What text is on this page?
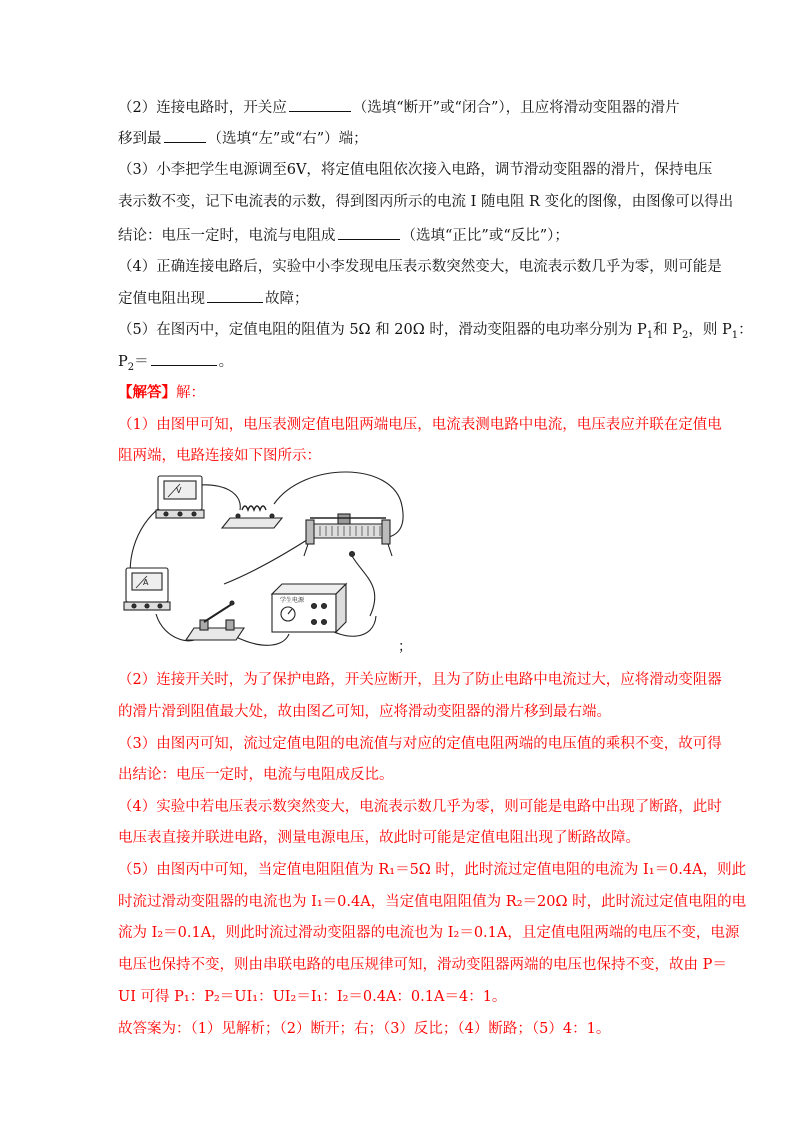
（2）连接电路时，开关应	（选填“断开”或“闭合”），且应将滑动变阻器的滑片
移到最	（选填“左”或“右”）端；
（3）小李把学生电源调至6V，将定值电阻依次接入电路，调节滑动变阻器的滑片，保持电压
表示数不变，记下电流表的示数，得到图丙所示的电流 I 随电阻 R 变化的图像，由图像可以得出
结论：电压一定时，电流与电阻成	（选填“正比”或“反比”）；
（4）正确连接电路后，实验中小李发现电压表示数突然变大，电流表示数几乎为零，则可能是
定值电阻出现	故障；
（5）在图丙中，定值电阻的阻值为 5Ω 和 20Ω 时，滑动变阻器的电功率分别为 $P_1$和 $P_2$，则 $P_1$：
$P_2=$	。
【解答】解：
（1）由图甲可知，电压表测定值电阻两端电压，电流表测电路中电流，电压表应并联在定值电
阻两端，电路连接如下图所示：
V
A
学生电源
；
（2）连接开关时，为了保护电路，开关应断开，且为了防止电路中电流过大，应将滑动变阻器
的滑片滑到阻值最大处，故由图乙可知，应将滑动变阻器的滑片移到最右端。
（3）由图丙可知，流过定值电阻的电流值与对应的定值电阻两端的电压值的乘积不变，故可得
出结论：电压一定时，电流与电阻成反比。
（4）实验中若电压表示数突然变大，电流表示数几乎为零，则可能是电路中出现了断路，此时
电压表直接并联进电路，测量电源电压，故此时可能是定值电阻出现了断路故障。
（5）由图丙中可知，当定值电阻阻值为 R₁＝5Ω 时，此时流过定值电阻的电流为 I₁＝0.4A，则此
时流过滑动变阻器的电流也为 I₁＝0.4A，当定值电阻阻值为 R₂＝20Ω 时，此时流过定值电阻的电
流为 I₂＝0.1A，则此时流过滑动变阻器的电流也为 I₂＝0.1A，且定值电阻两端的电压不变，电源
电压也保持不变，则由串联电路的电压规律可知，滑动变阻器两端的电压也保持不变，故由 P＝
UI 可得 P₁：P₂＝UI₁：UI₂＝I₁：I₂＝0.4A：0.1A＝4：1。
故答案为：（1）见解析；（2）断开；右；（3）反比；（4）断路；（5）4：1。
